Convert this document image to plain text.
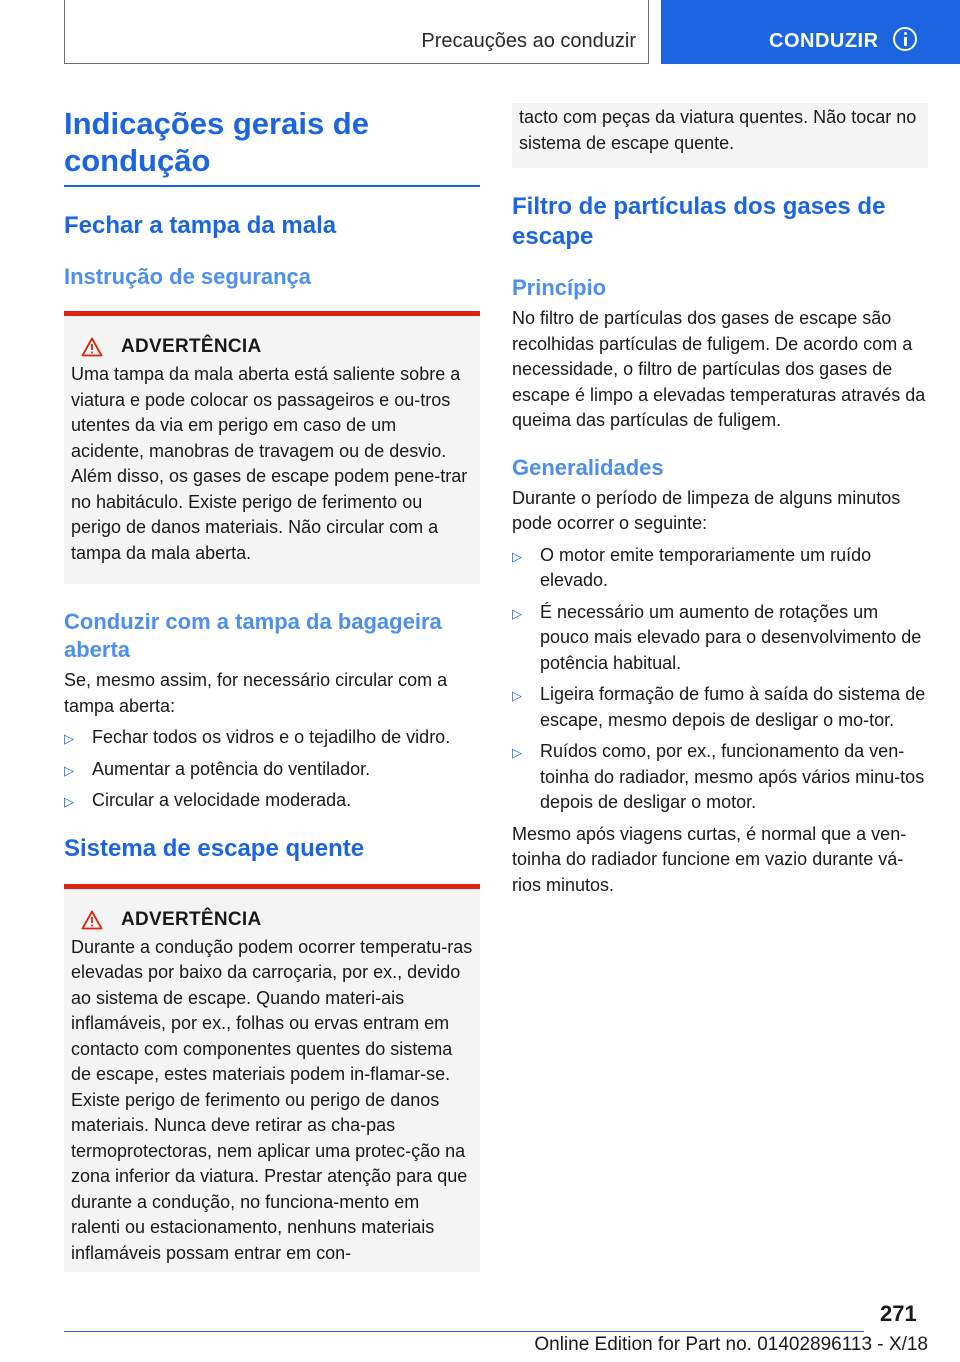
Precauções ao conduzir	CONDUZIR
Indicações gerais de condução
Fechar a tampa da mala
Instrução de segurança
ADVERTÊNCIA

Uma tampa da mala aberta está saliente sobre a viatura e pode colocar os passageiros e ou-tros utentes da via em perigo em caso de um acidente, manobras de travagem ou de desvio. Além disso, os gases de escape podem pene-trar no habitáculo. Existe perigo de ferimento ou perigo de danos materiais. Não circular com a tampa da mala aberta.

Conduzir com a tampa da bagageira aberta

Se, mesmo assim, for necessário circular com a tampa aberta:

▷ Fechar todos os vidros e o tejadilho de vidro.
▷ Aumentar a potência do ventilador.
▷ Circular a velocidade moderada.
Sistema de escape quente
ADVERTÊNCIA

Durante a condução podem ocorrer temperatu-ras elevadas por baixo da carroçaria, por ex., devido ao sistema de escape. Quando materi-ais inflamáveis, por ex., folhas ou ervas entram em contacto com componentes quentes do sistema de escape, estes materiais podem in-flamar-se. Existe perigo de ferimento ou perigo de danos materiais. Nunca deve retirar as cha-pas termoprotectoras, nem aplicar uma protec-ção na zona inferior da viatura. Prestar atenção para que durante a condução, no funciona-mento em ralenti ou estacionamento, nenhuns materiais inflamáveis possam entrar em con-

tacto com peças da viatura quentes. Não tocar no sistema de escape quente.

Filtro de partículas dos gases de escape
Princípio

No filtro de partículas dos gases de escape são recolhidas partículas de fuligem. De acordo com a necessidade, o filtro de partículas dos gases de escape é limpo a elevadas temperaturas através da queima das partículas de fuligem.

Generalidades

Durante o período de limpeza de alguns minutos pode ocorrer o seguinte:

▷ O motor emite temporariamente um ruído elevado.
▷ É necessário um aumento de rotações um pouco mais elevado para o desenvolvimento de potência habitual.
▷ Ligeira formação de fumo à saída do sistema de escape, mesmo depois de desligar o mo-tor.
▷ Ruídos como, por ex., funcionamento da ven-toinha do radiador, mesmo após vários minu-tos depois de desligar o motor.

Mesmo após viagens curtas, é normal que a ven-toinha do radiador funcione em vazio durante vá-rios minutos.

271
Online Edition for Part no. 01402896113 - X/18
